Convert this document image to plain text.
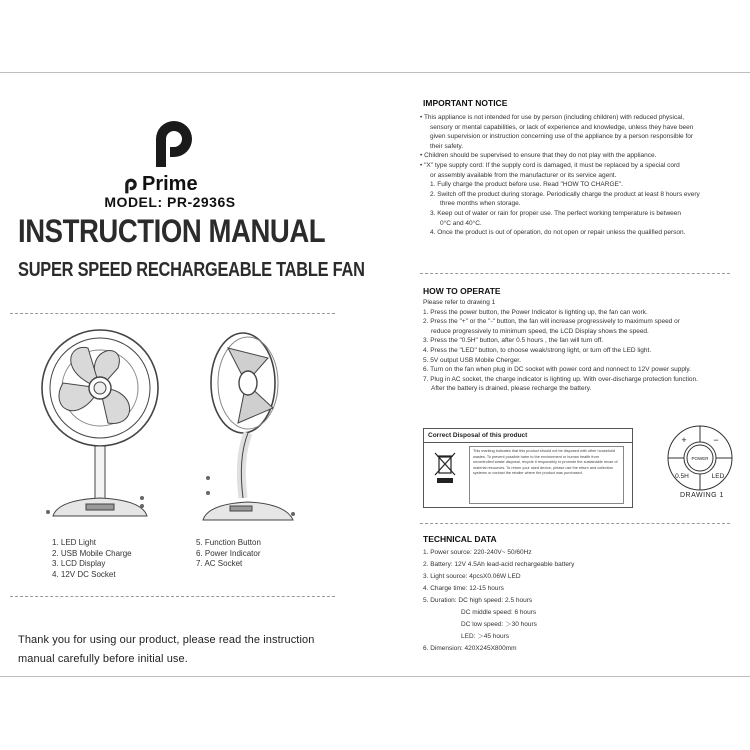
Prime
MODEL: PR-2936S
INSTRUCTION MANUAL
SUPER SPEED RECHARGEABLE TABLE FAN
1. LED Light
2. USB Mobile Charge
3. LCD Display
4. 12V DC Socket
5. Function Button
6. Power Indicator
7. AC Socket
Thank you for using our product, please read the instruction manual carefully before initial use.
IMPORTANT NOTICE

• This appliance is not intended for use by person (including children) with reduced physical,

sensory or mental capabilities, or lack of experience and knowledge, unless they have been

given supervision or instruction concerning use of the appliance by a person responsible for

their safety.

• Children should be supervised to ensure that they do not play with the appliance.

• "X" type supply cord: If the supply cord is damaged, it must be replaced by a special cord

or assembly available from the manufacturer or its service agent.

1. Fully charge the product before use. Read "HOW TO CHARGE".

2. Switch off the product during storage. Periodically charge the product at least 8 hours every

three months when storage.

3. Keep out of water or rain for proper use. The perfect working temperature is between

0°C and 40°C.

4. Once the product is out of operation, do not open or repair unless the qualified person.

HOW TO OPERATE

Please refer to drawing 1

1. Press the power button, the Power Indicator is lighting up, the fan can work.

2. Press the "+" or the "-" button, the fan will increase progressively to maximum speed or

reduce progressively to minimum speed, the LCD Display shows the speed.

3. Press the "0.5H" button, after 0.5 hours , the fan will turn off.

4. Press the "LED" button, to choose weak/strong light, or turn off the LED light.

5. 5V output USB Mobile Cherger.

6. Turn on the fan when plug in DC socket with power cord and nonnect to 12V power supply.

7. Plug in AC socket, the charge indicator is lighting up. With over-discharge protection function.

After the battery is drained, please recharge the battery.

Correct Disposal of this product
This marking indicates that this product should not be disposed with other household wastes. To prevent possible harm to the environment or human health from uncontrolled waste disposal, recycle it responsibly to promote the sustainable reuse of material resources. To return your used device, please use the return and collection systems or contact the retailer where the product was purchased.
+	−
POWER
0.5H	LED
DRAWING 1
TECHNICAL DATA

1. Power source: 220-240V~ 50/60Hz

2. Battery: 12V 4.5Ah lead-acid rechargeable battery

3. Light source: 4pcsX0.06W LED

4. Charge time: 12-15 hours

5. Duration: DC high speed: 2.5 hours

DC middle speed: 6 hours

DC low speed: ＞30 hours

LED: ＞45 hours

6. Dimension: 420X245X800mm
